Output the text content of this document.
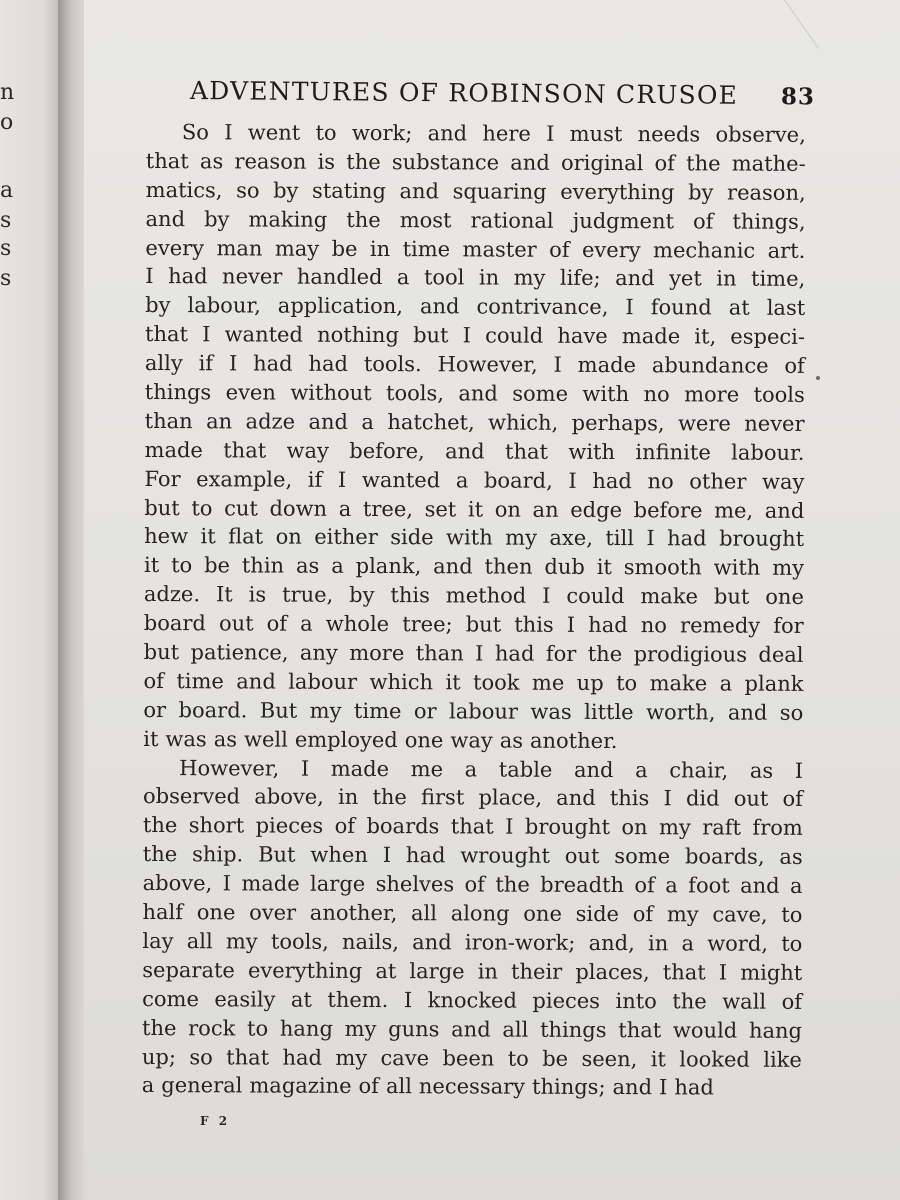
n
o
a
s
s
s
ADVENTURES OF ROBINSON CRUSOE 83
So I went to work; and here I must needs observe,
that as reason is the substance and original of the mathe-
matics, so by stating and squaring everything by reason,
and by making the most rational judgment of things,
every man may be in time master of every mechanic art.
I had never handled a tool in my life; and yet in time,
by labour, application, and contrivance, I found at last
that I wanted nothing but I could have made it, especi-
ally if I had had tools. However, I made abundance of
things even without tools, and some with no more tools
than an adze and a hatchet, which, perhaps, were never
made that way before, and that with infinite labour.
For example, if I wanted a board, I had no other way
but to cut down a tree, set it on an edge before me, and
hew it flat on either side with my axe, till I had brought
it to be thin as a plank, and then dub it smooth with my
adze. It is true, by this method I could make but one
board out of a whole tree; but this I had no remedy for
but patience, any more than I had for the prodigious deal
of time and labour which it took me up to make a plank
or board. But my time or labour was little worth, and so
it was as well employed one way as another.
However, I made me a table and a chair, as I
observed above, in the first place, and this I did out of
the short pieces of boards that I brought on my raft from
the ship. But when I had wrought out some boards, as
above, I made large shelves of the breadth of a foot and a
half one over another, all along one side of my cave, to
lay all my tools, nails, and iron-work; and, in a word, to
separate everything at large in their places, that I might
come easily at them. I knocked pieces into the wall of
the rock to hang my guns and all things that would hang
up; so that had my cave been to be seen, it looked like
a general magazine of all necessary things; and I had
F 2
